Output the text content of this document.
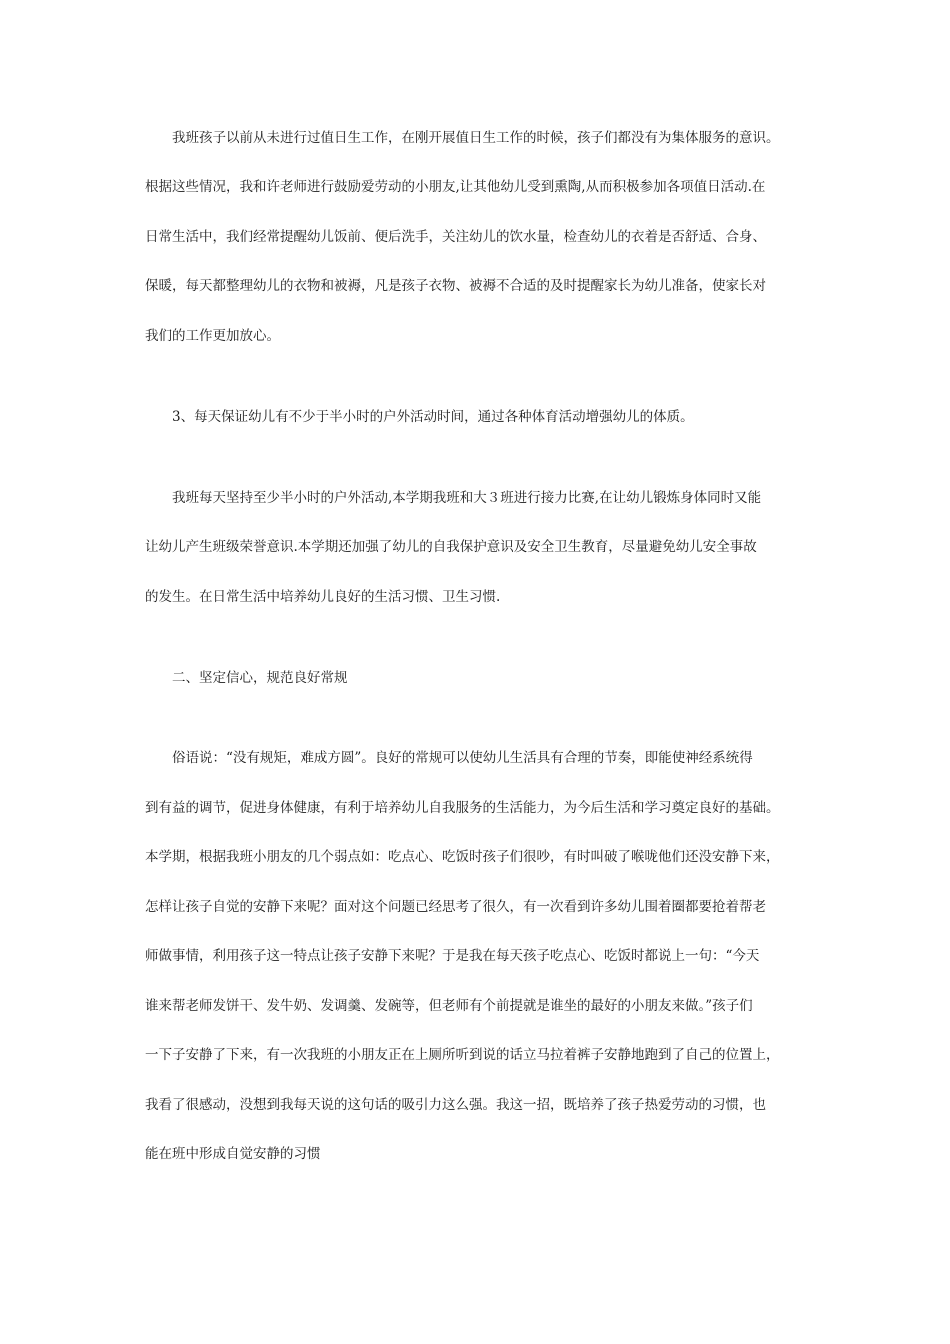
我班孩子以前从未进行过值日生工作，在刚开展值日生工作的时候，孩子们都没有为集体服务的意识。
根据这些情况，我和许老师进行鼓励爱劳动的小朋友,让其他幼儿受到熏陶,从而积极参加各项值日活动.在
日常生活中，我们经常提醒幼儿饭前、便后洗手，关注幼儿的饮水量，检查幼儿的衣着是否舒适、合身、
保暖，每天都整理幼儿的衣物和被褥，凡是孩子衣物、被褥不合适的及时提醒家长为幼儿准备，使家长对
我们的工作更加放心。
3、每天保证幼儿有不少于半小时的户外活动时间，通过各种体育活动增强幼儿的体质。
我班每天坚持至少半小时的户外活动,本学期我班和大３班进行接力比赛,在让幼儿锻炼身体同时又能
让幼儿产生班级荣誉意识.本学期还加强了幼儿的自我保护意识及安全卫生教育，尽量避免幼儿安全事故
的发生。在日常生活中培养幼儿良好的生活习惯、卫生习惯.
二、坚定信心，规范良好常规
俗语说：“没有规矩，难成方圆”。良好的常规可以使幼儿生活具有合理的节奏，即能使神经系统得
到有益的调节，促进身体健康，有利于培养幼儿自我服务的生活能力，为今后生活和学习奠定良好的基础。
本学期，根据我班小朋友的几个弱点如：吃点心、吃饭时孩子们很吵，有时叫破了喉咙他们还没安静下来，
怎样让孩子自觉的安静下来呢？面对这个问题已经思考了很久，有一次看到许多幼儿围着圈都要抢着帮老
师做事情，利用孩子这一特点让孩子安静下来呢？于是我在每天孩子吃点心、吃饭时都说上一句：“今天
谁来帮老师发饼干、发牛奶、发调羹、发碗等，但老师有个前提就是谁坐的最好的小朋友来做。”孩子们
一下子安静了下来，有一次我班的小朋友正在上厕所听到说的话立马拉着裤子安静地跑到了自己的位置上，
我看了很感动，没想到我每天说的这句话的吸引力这么强。我这一招，既培养了孩子热爱劳动的习惯，也
能在班中形成自觉安静的习惯
